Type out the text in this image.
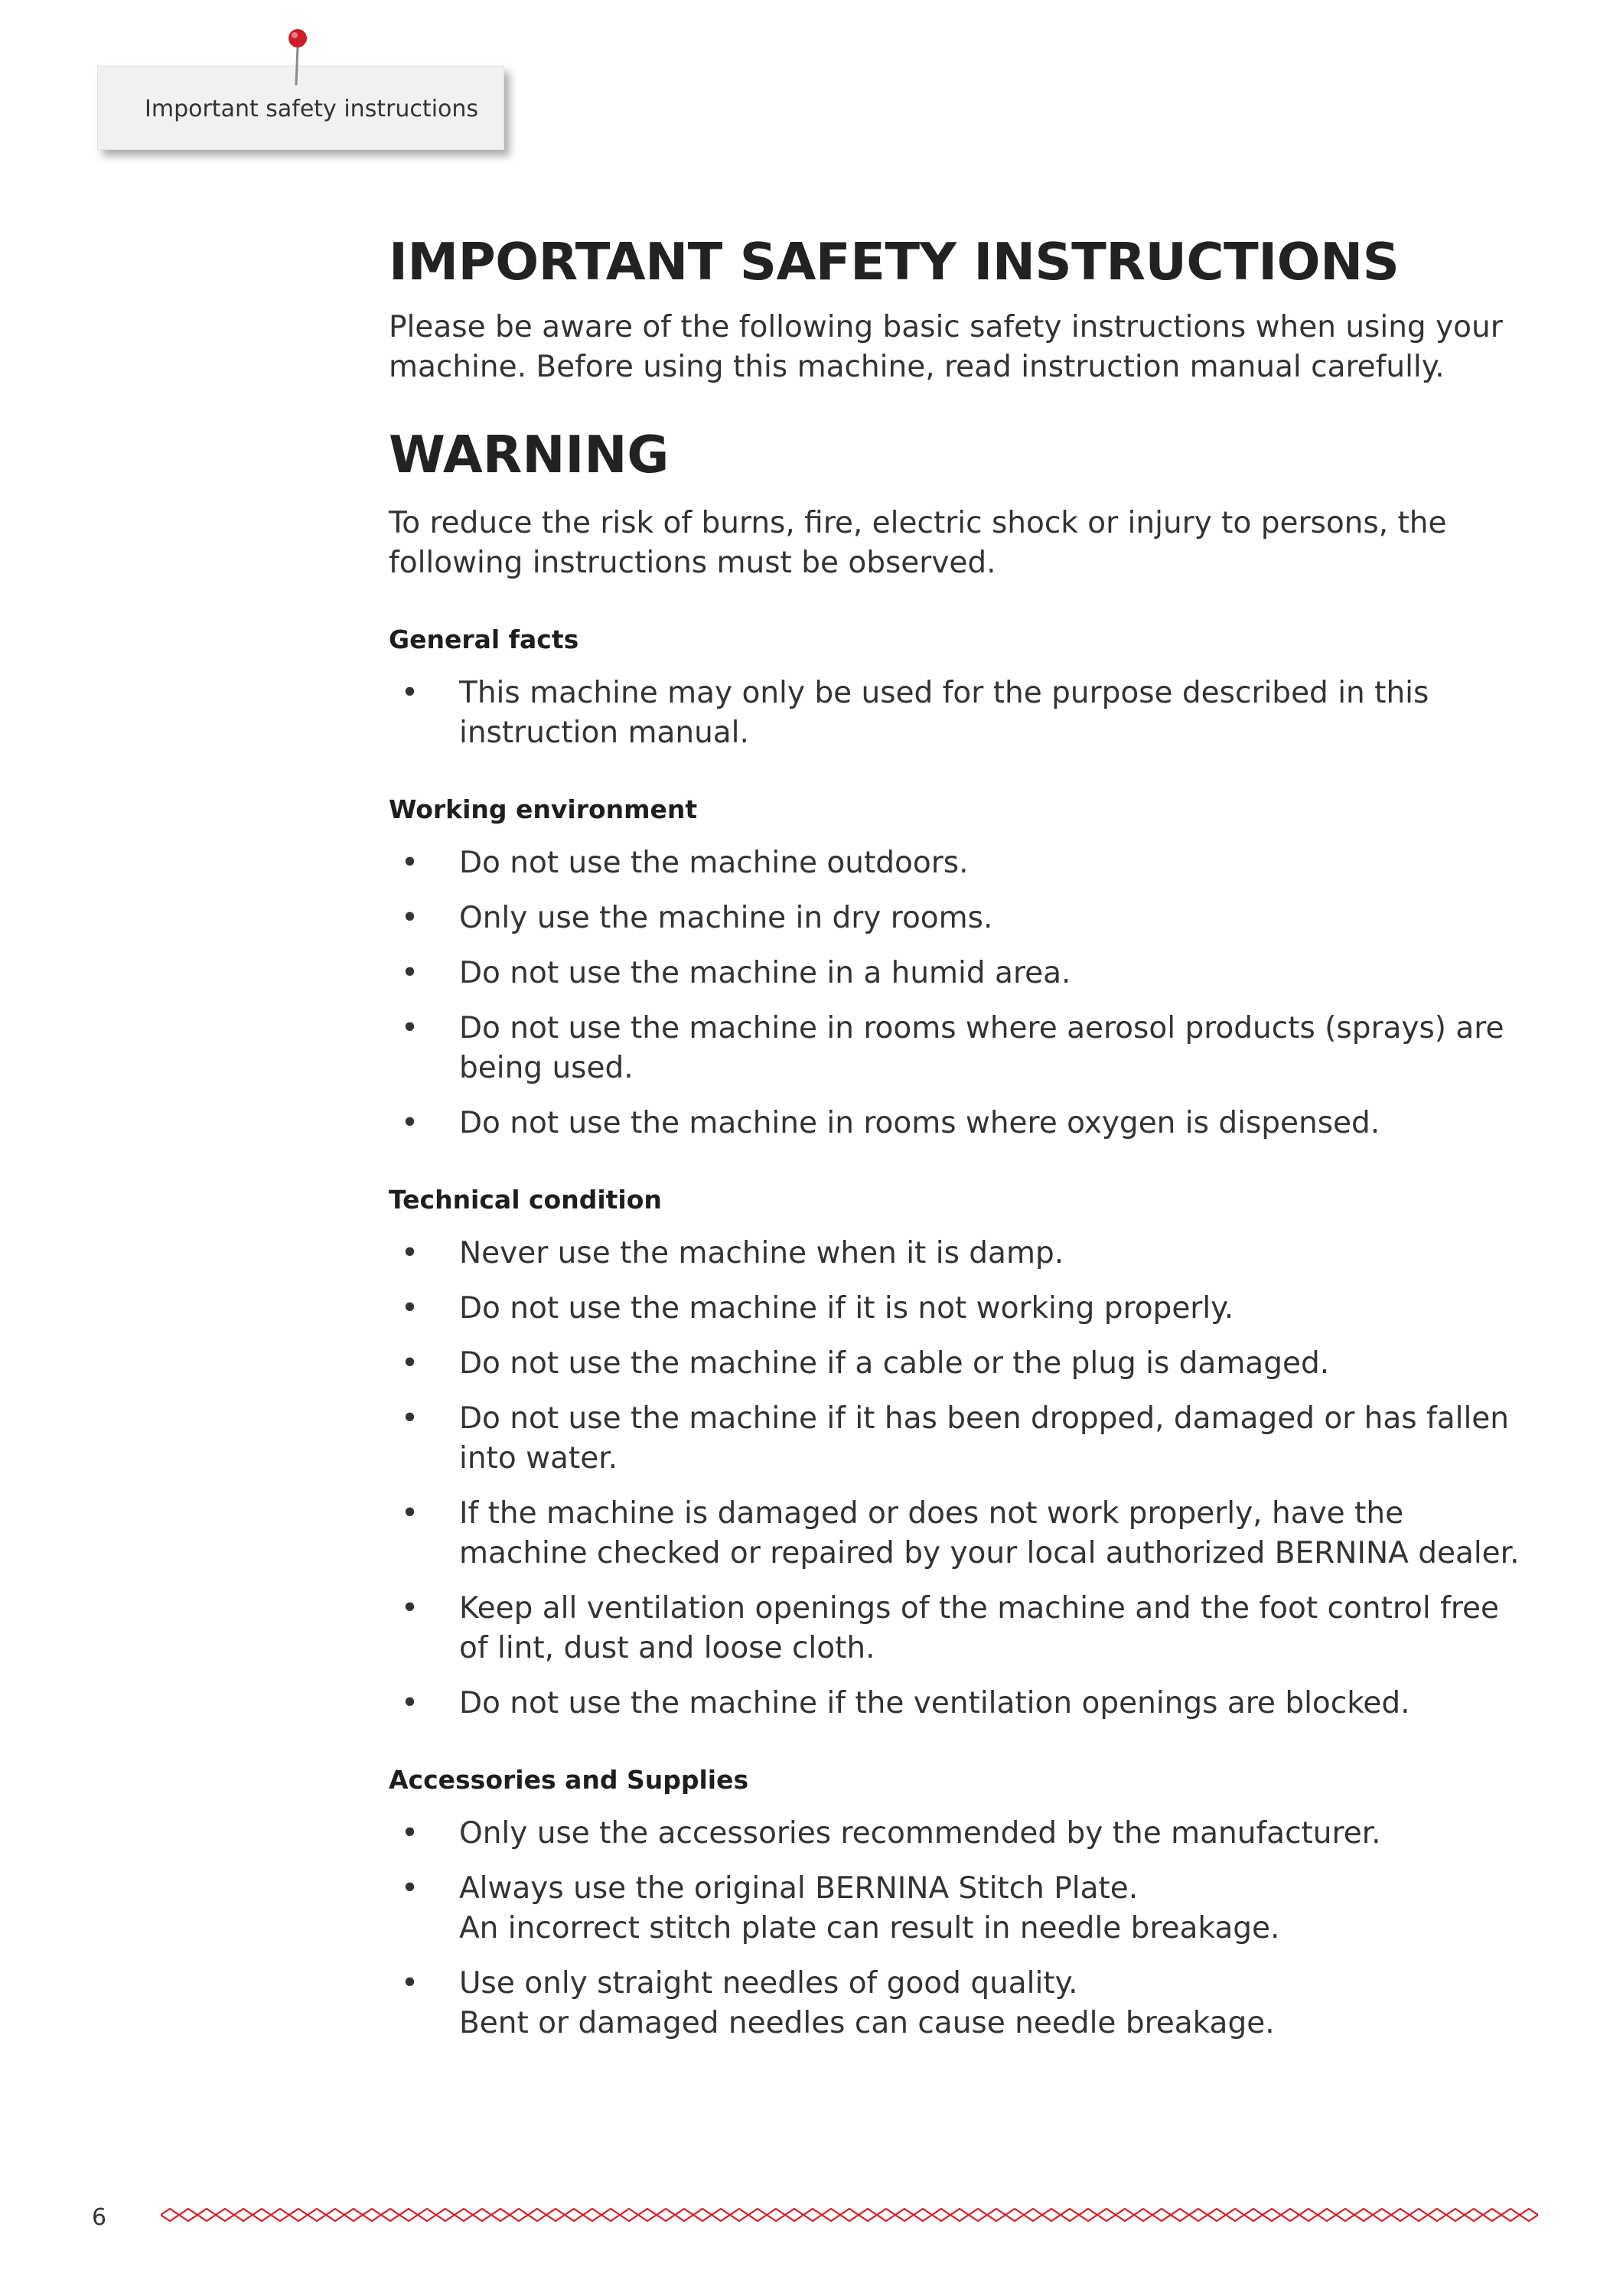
Important safety instructions
IMPORTANT SAFETY INSTRUCTIONS

Please be aware of the following basic safety instructions when using your machine. Before using this machine, read instruction manual carefully.

WARNING

To reduce the risk of burns, fire, electric shock or injury to persons, the following instructions must be observed.

General facts
• This machine may only be used for the purpose described in this instruction manual.
Working environment
• Do not use the machine outdoors.
• Only use the machine in dry rooms.
• Do not use the machine in a humid area.
• Do not use the machine in rooms where aerosol products (sprays) are being used.
• Do not use the machine in rooms where oxygen is dispensed.
Technical condition
• Never use the machine when it is damp.
• Do not use the machine if it is not working properly.
• Do not use the machine if a cable or the plug is damaged.
• Do not use the machine if it has been dropped, damaged or has fallen into water.
• If the machine is damaged or does not work properly, have the machine checked or repaired by your local authorized BERNINA dealer.
• Keep all ventilation openings of the machine and the foot control free of lint, dust and loose cloth.
• Do not use the machine if the ventilation openings are blocked.
Accessories and Supplies
• Only use the accessories recommended by the manufacturer.
• Always use the original BERNINA Stitch Plate.
An incorrect stitch plate can result in needle breakage.
• Use only straight needles of good quality.
Bent or damaged needles can cause needle breakage.
6
